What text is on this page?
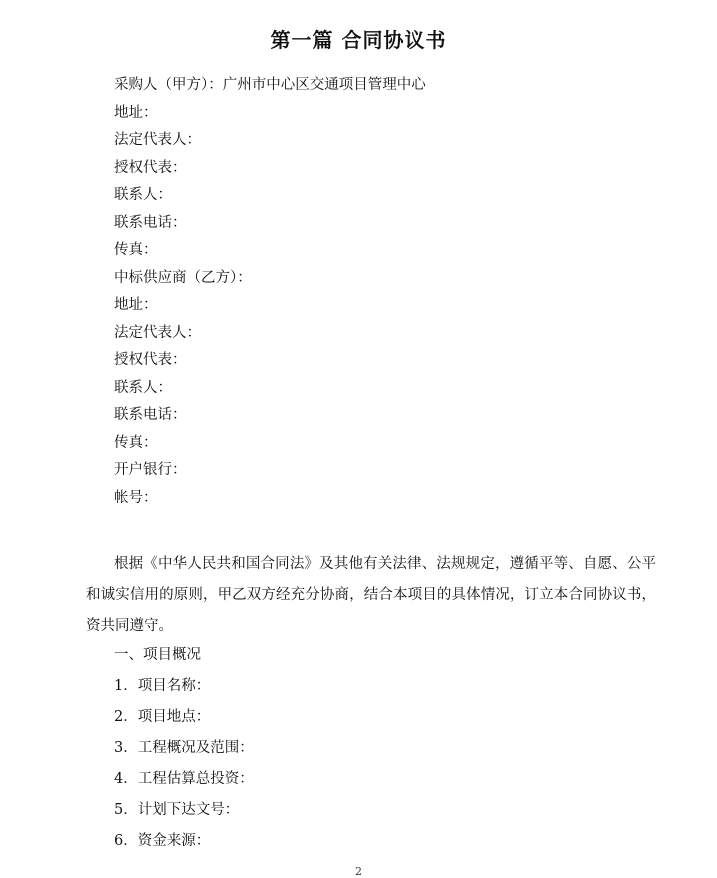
第一篇 合同协议书
采购人（甲方）：广州市中心区交通项目管理中心
地址：
法定代表人：
授权代表：
联系人：
联系电话：
传真：
中标供应商（乙方）：
地址：
法定代表人：
授权代表：
联系人：
联系电话：
传真：
开户银行：
帐号：
根据《中华人民共和国合同法》及其他有关法律、法规规定，遵循平等、自愿、公平和诚实信用的原则，甲乙双方经充分协商，结合本项目的具体情况，订立本合同协议书，资共同遵守。
一、项目概况
1．项目名称：
2．项目地点：
3．工程概况及范围：
4．工程估算总投资：
5．计划下达文号：
6．资金来源：
2
